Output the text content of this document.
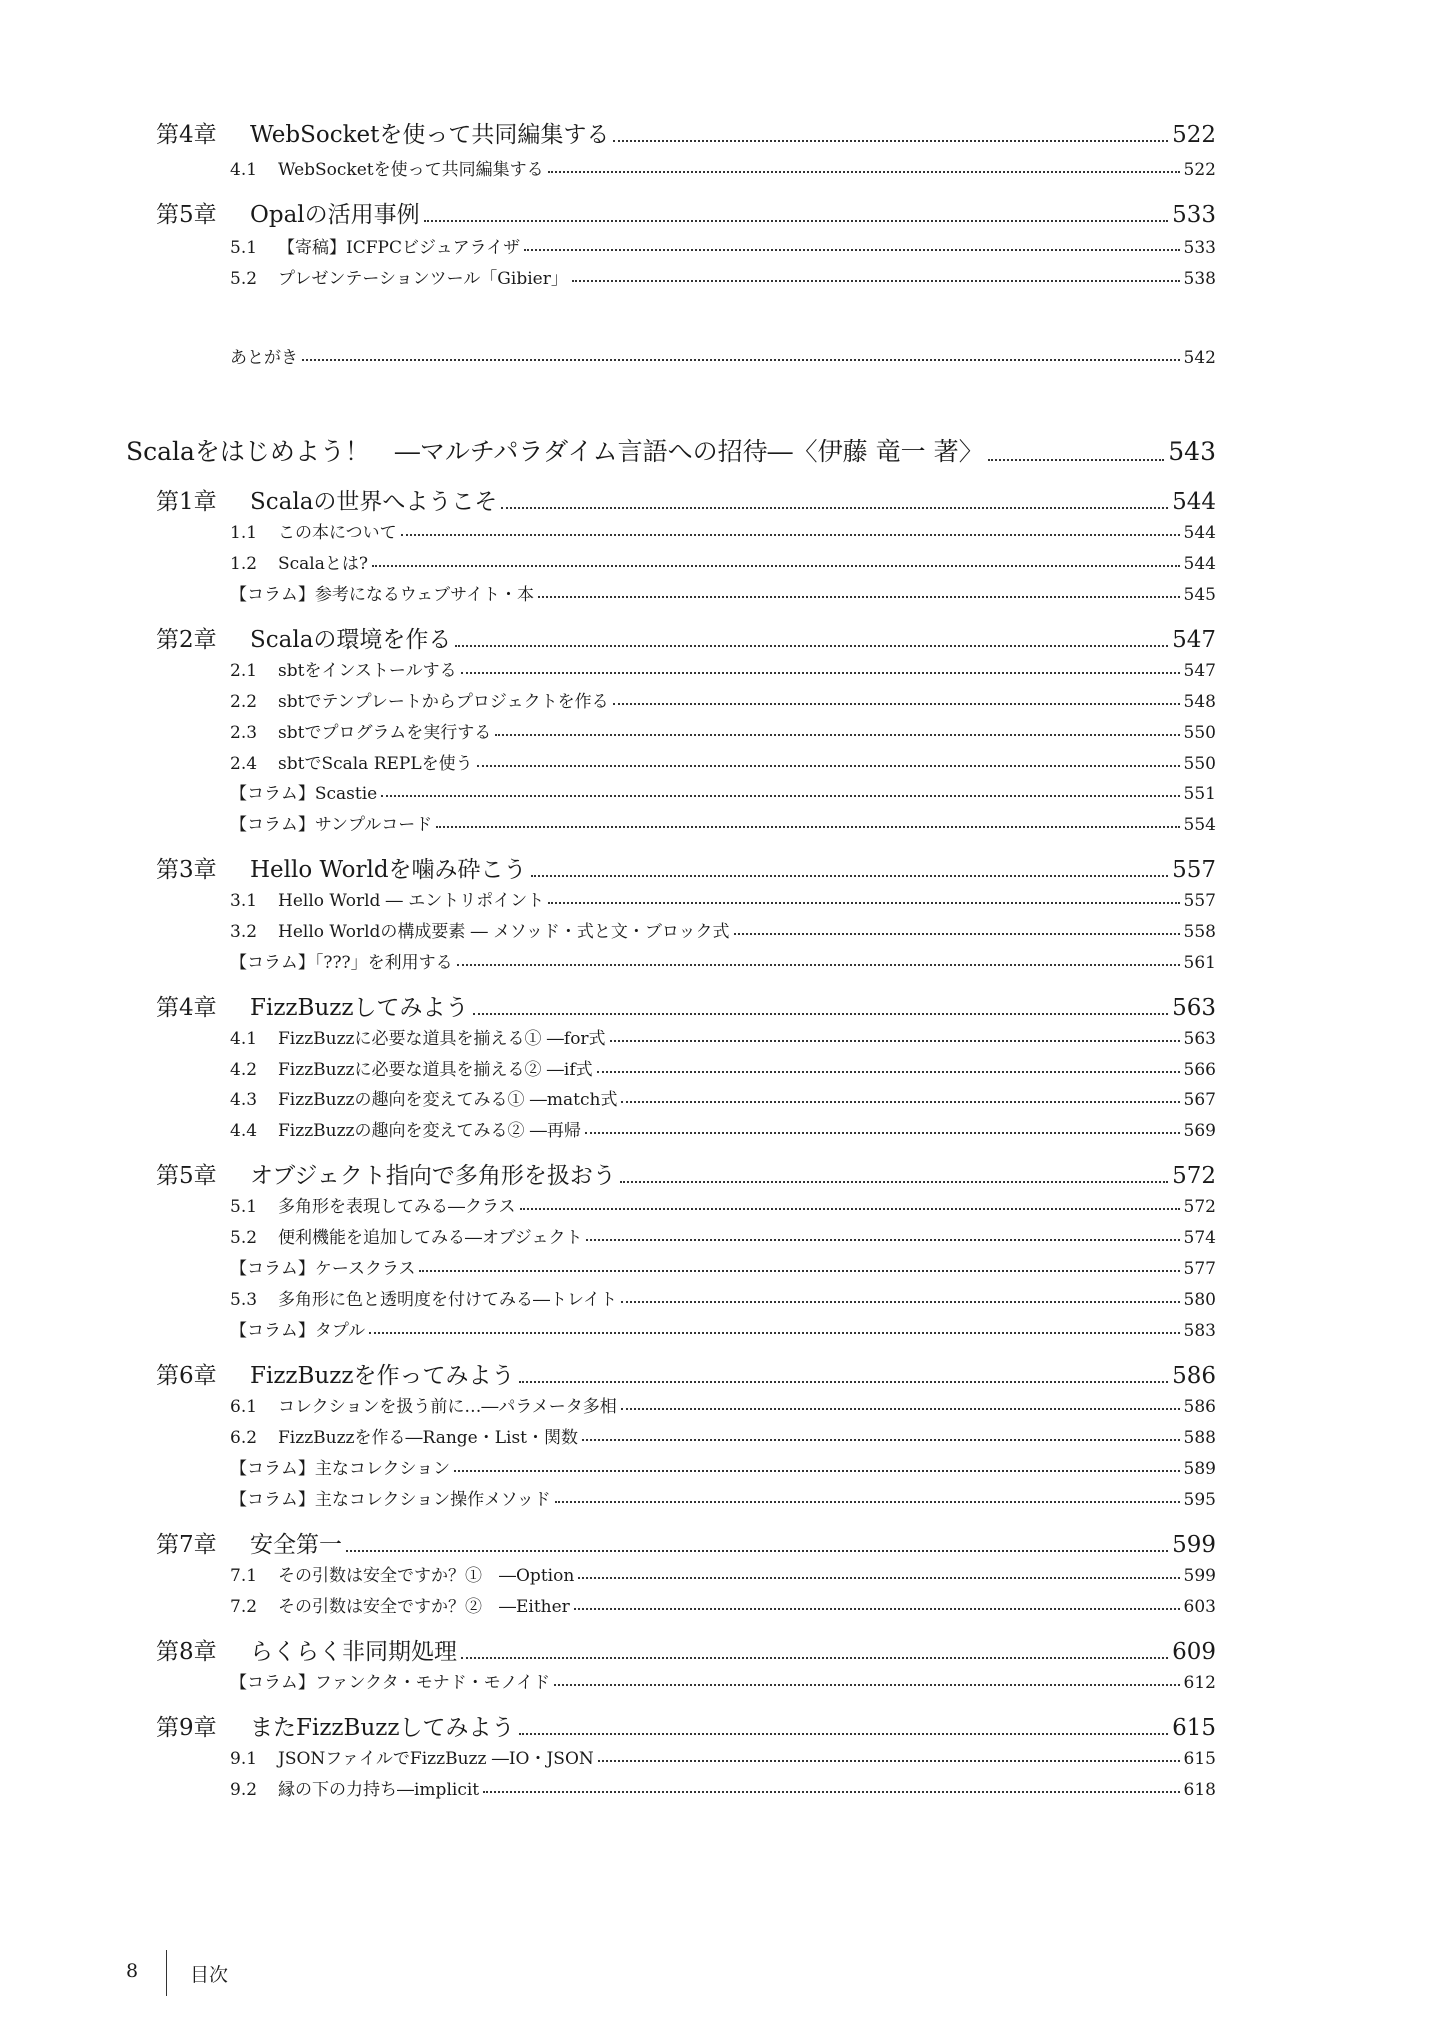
第4章 WebSocketを使って共同編集する	522
4.1 WebSocketを使って共同編集する	522
第5章 Opalの活用事例	533
5.1 【寄稿】ICFPCビジュアライザ	533
5.2 プレゼンテーションツール「Gibier」	538
あとがき	542
Scalaをはじめよう！　―マルチパラダイム言語への招待―〈伊藤 竜一 著〉	543
第1章 Scalaの世界へようこそ	544
1.1 この本について	544
1.2 Scalaとは?	544
【コラム】参考になるウェブサイト・本	545
第2章 Scalaの環境を作る	547
2.1 sbtをインストールする	547
2.2 sbtでテンプレートからプロジェクトを作る	548
2.3 sbtでプログラムを実行する	550
2.4 sbtでScala REPLを使う	550
【コラム】Scastie	551
【コラム】サンプルコード	554
第3章 Hello Worldを噛み砕こう	557
3.1 Hello World ― エントリポイント	557
3.2 Hello Worldの構成要素 ― メソッド・式と文・ブロック式	558
【コラム】「???」を利用する	561
第4章 FizzBuzzしてみよう	563
4.1 FizzBuzzに必要な道具を揃える① ―for式	563
4.2 FizzBuzzに必要な道具を揃える② ―if式	566
4.3 FizzBuzzの趣向を変えてみる① ―match式	567
4.4 FizzBuzzの趣向を変えてみる② ―再帰	569
第5章 オブジェクト指向で多角形を扱おう	572
5.1 多角形を表現してみる―クラス	572
5.2 便利機能を追加してみる―オブジェクト	574
【コラム】ケースクラス	577
5.3 多角形に色と透明度を付けてみる―トレイト	580
【コラム】タプル	583
第6章 FizzBuzzを作ってみよう	586
6.1 コレクションを扱う前に…―パラメータ多相	586
6.2 FizzBuzzを作る―Range・List・関数	588
【コラム】主なコレクション	589
【コラム】主なコレクション操作メソッド	595
第7章 安全第一	599
7.1 その引数は安全ですか？①　―Option	599
7.2 その引数は安全ですか？②　―Either	603
第8章 らくらく非同期処理	609
【コラム】ファンクタ・モナド・モノイド	612
第9章 またFizzBuzzしてみよう	615
9.1 JSONファイルでFizzBuzz ―IO・JSON	615
9.2 縁の下の力持ち―implicit	618
8	目次
